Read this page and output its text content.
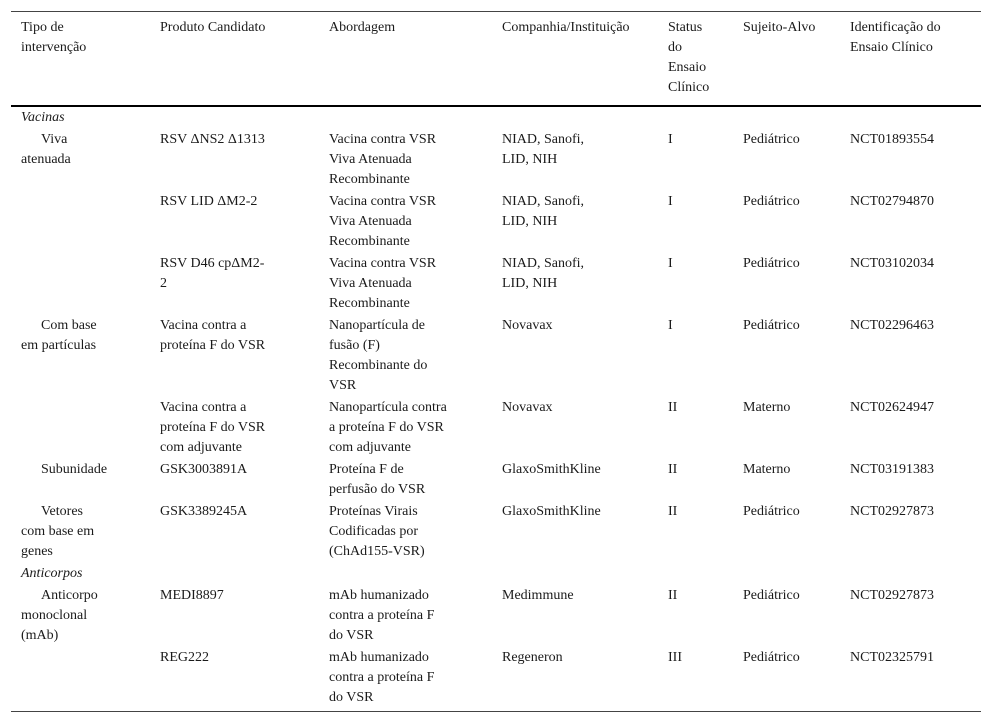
Tipo de
intervenção	Produto Candidato	Abordagem	Companhia/Instituição	Status
do
Ensaio
Clínico	Sujeito-Alvo	Identificação do
Ensaio Clínico
Vacinas						

Viva
atenuada	RSV ΔNS2 Δ1313	Vacina contra VSR
Viva Atenuada
Recombinante	NIAD, Sanofi,
LID, NIH	I	Pediátrico	NCT01893554
	RSV LID ΔM2-2	Vacina contra VSR
Viva Atenuada
Recombinante	NIAD, Sanofi,
LID, NIH	I	Pediátrico	NCT02794870
	RSV D46 cpΔM2-
2	Vacina contra VSR
Viva Atenuada
Recombinante	NIAD, Sanofi,
LID, NIH	I	Pediátrico	NCT03102034

Com base
em partículas	Vacina contra a
proteína F do VSR	Nanopartícula de
fusão (F)
Recombinante do
VSR	Novavax	I	Pediátrico	NCT02296463
	Vacina contra a
proteína F do VSR
com adjuvante	Nanopartícula contra
a proteína F do VSR
com adjuvante	Novavax	II	Materno	NCT02624947

Subunidade	GSK3003891A	Proteína F de
perfusão do VSR	GlaxoSmithKline	II	Materno	NCT03191383

Vetores
com base em
genes	GSK3389245A	Proteínas Virais
Codificadas por
(ChAd155-VSR)	GlaxoSmithKline	II	Pediátrico	NCT02927873
Anticorpos						

Anticorpo
monoclonal
(mAb)	MEDI8897	mAb humanizado
contra a proteína F
do VSR	Medimmune	II	Pediátrico	NCT02927873
	REG222	mAb humanizado
contra a proteína F
do VSR	Regeneron	III	Pediátrico	NCT02325791
